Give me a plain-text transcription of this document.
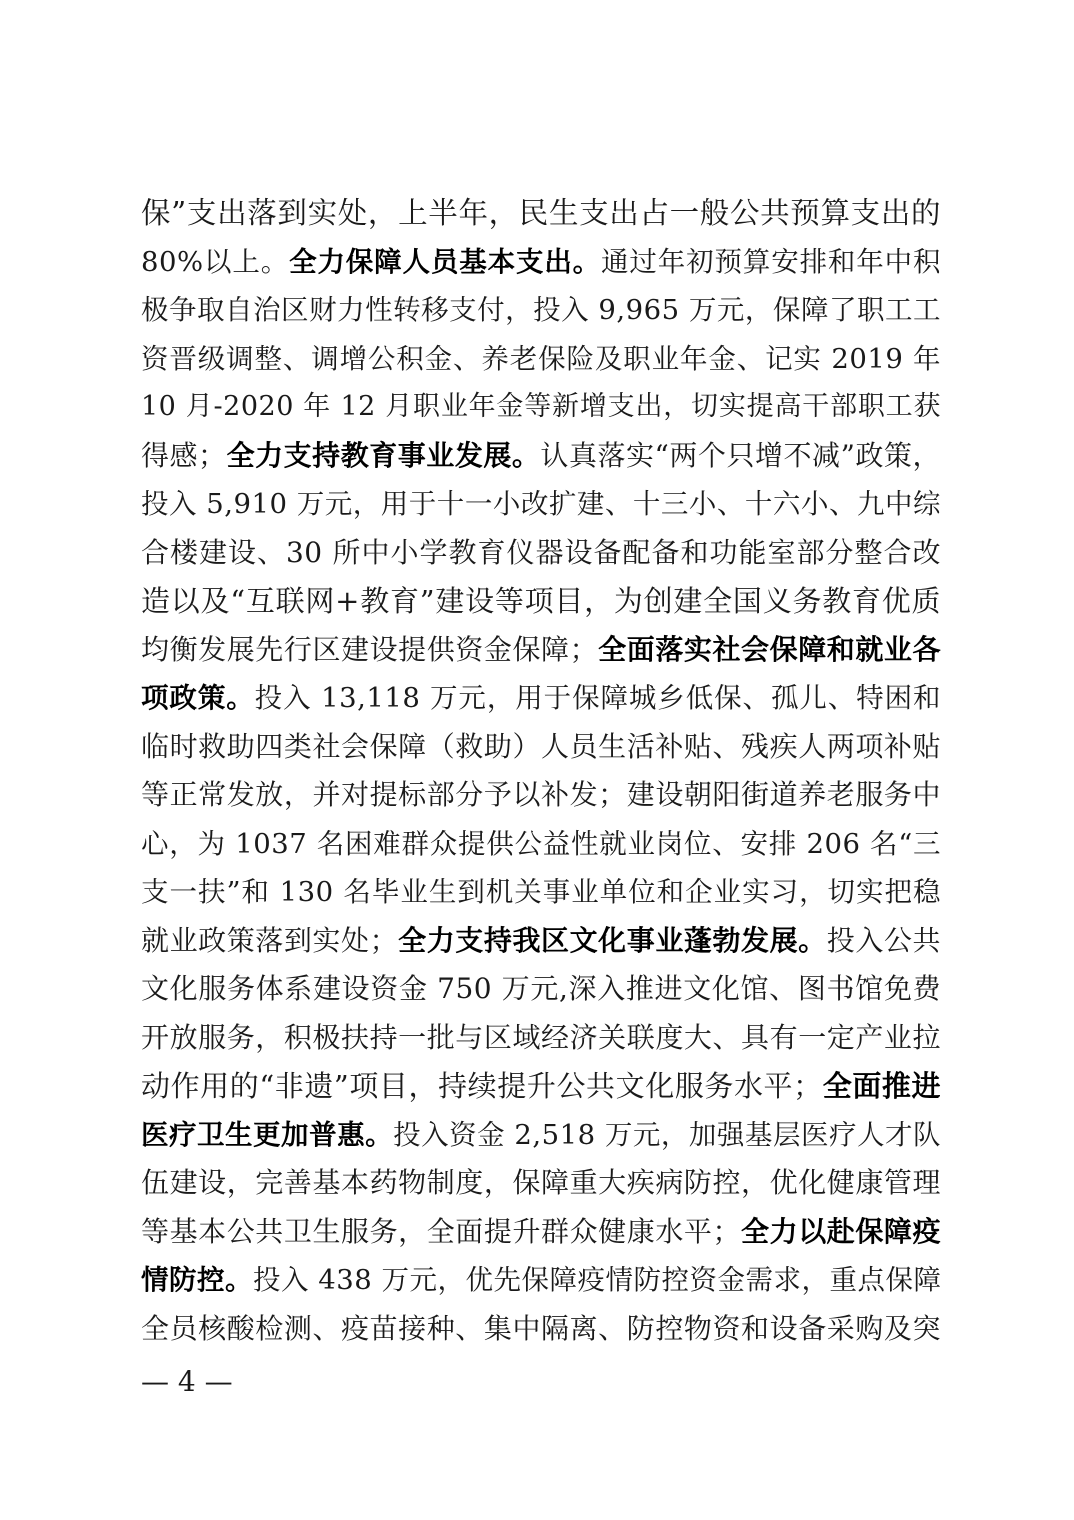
保”支出落到实处，上半年，民生支出占一般公共预算支出的
80%以上。全力保障人员基本支出。通过年初预算安排和年中积
极争取自治区财力性转移支付，投入 9,965 万元，保障了职工工
资晋级调整、调增公积金、养老保险及职业年金、记实 2019 年
10 月-2020 年 12 月职业年金等新增支出，切实提高干部职工获
得感；全力支持教育事业发展。认真落实“两个只增不减”政策，
投入 5,910 万元，用于十一小改扩建、十三小、十六小、九中综
合楼建设、30 所中小学教育仪器设备配备和功能室部分整合改
造以及“互联网+教育”建设等项目，为创建全国义务教育优质
均衡发展先行区建设提供资金保障；全面落实社会保障和就业各
项政策。投入 13,118 万元，用于保障城乡低保、孤儿、特困和
临时救助四类社会保障（救助）人员生活补贴、残疾人两项补贴
等正常发放，并对提标部分予以补发；建设朝阳街道养老服务中
心，为 1037 名困难群众提供公益性就业岗位、安排 206 名“三
支一扶”和 130 名毕业生到机关事业单位和企业实习，切实把稳
就业政策落到实处；全力支持我区文化事业蓬勃发展。投入公共
文化服务体系建设资金 750 万元,深入推进文化馆、图书馆免费
开放服务，积极扶持一批与区域经济关联度大、具有一定产业拉
动作用的“非遗”项目，持续提升公共文化服务水平；全面推进
医疗卫生更加普惠。投入资金 2,518 万元，加强基层医疗人才队
伍建设，完善基本药物制度，保障重大疾病防控，优化健康管理
等基本公共卫生服务，全面提升群众健康水平；全力以赴保障疫
情防控。投入 438 万元，优先保障疫情防控资金需求，重点保障
全员核酸检测、疫苗接种、集中隔离、防控物资和设备采购及突
— 4 —
